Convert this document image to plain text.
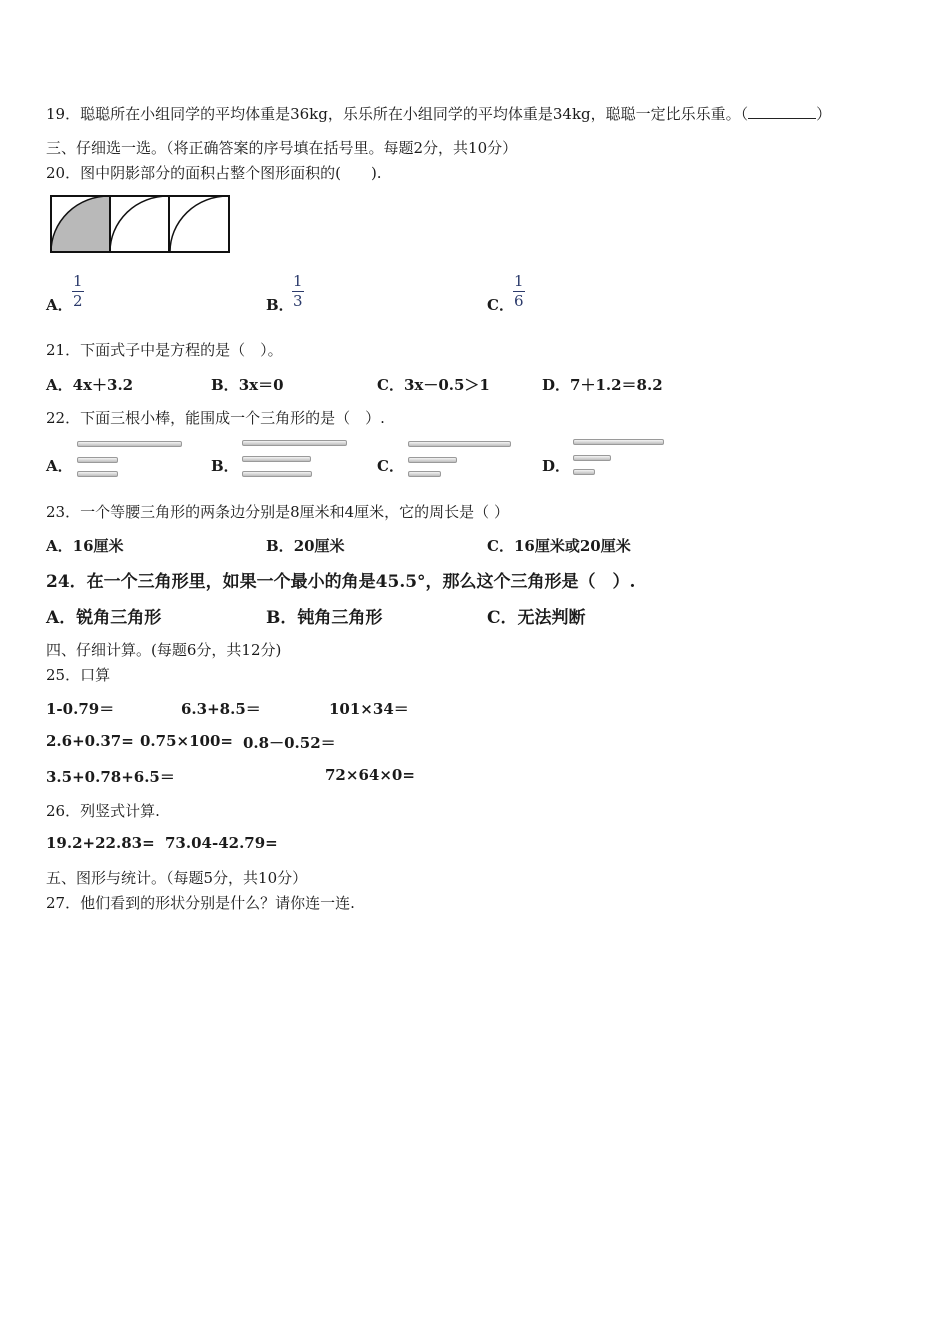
19．聪聪所在小组同学的平均体重是36kg，乐乐所在小组同学的平均体重是34kg，聪聪一定比乐乐重。（	）
三、仔细选一选。（将正确答案的序号填在括号里。每题2分，共10分）
20．图中阴影部分的面积占整个图形面积的(　　).
A． $\frac{1}{2}$	B．
$\frac{1}{3}$	C． $\frac{1}{6}$
21．下面式子中是方程的是（　）。
A．4x＋3.2	B．3x＝0	C．3x－0.5＞1	D．7＋1.2＝8.2
22．下面三根小棒，能围成一个三角形的是（　）.
A．	B．	C．	D．
23．一个等腰三角形的两条边分别是8厘米和4厘米，它的周长是（ ）
A．16厘米	B．20厘米	C．16厘米或20厘米
24．在一个三角形里，如果一个最小的角是45.5°，那么这个三角形是（　）.
A．锐角三角形	B．钝角三角形	C．无法判断
四、仔细计算。(每题6分，共12分)
25．口算
1-0.79＝	6.3+8.5＝	101×34＝
2.6+0.37= 0.75×100= 0.8－0.52＝
3.5+0.78+6.5＝	72×64×0=
26．列竖式计算.
19.2+22.83= 73.04-42.79=
五、图形与统计。（每题5分，共10分）
27．他们看到的形状分别是什么？请你连一连.
